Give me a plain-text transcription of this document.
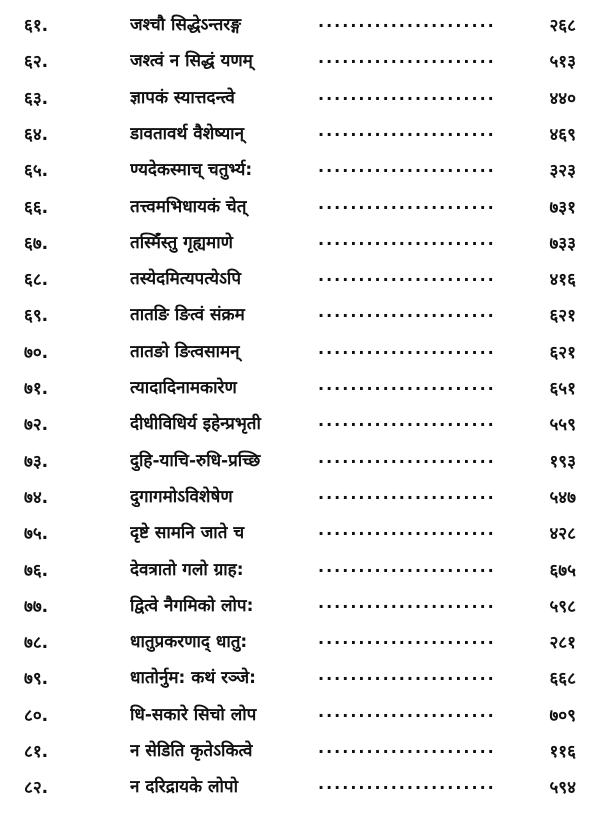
६१.	जश्चौ सिद्धेऽन्तरङ्ग	......................	२६८
६२.	जश्त्वं न सिद्धं यणम्	......................	५१३
६३.	ज्ञापकं स्यात्तदन्त्वे	......................	४४०
६४.	डावतावर्थ वैशेष्यान्	......................	४६९
६५.	ण्यदेकस्माच् चतुर्भ्य:	......................	३२३
६६.	तत्त्वमभिधायकं चेत्	......................	७३१
६७.	तस्मिँस्तु गृह्यमाणे	......................	७३३
६८.	तस्येदमित्यपत्येऽपि	......................	४१६
६९.	तातङि ङित्वं संक्रम	......................	६२१
७०.	तातङो ङित्वसामन्	......................	६२१
७१.	त्यादादिनामकारेण	......................	६५१
७२.	दीधीविधिर्य इहेन्प्रभृती	......................	५५९
७३.	दुहि-याचि-रुधि-प्रच्छि	......................	१९३
७४.	दुगागमोऽविशेषेण	......................	५४७
७५.	दृष्टे सामनि जाते च	......................	४२८
७६.	देवत्रातो गलो ग्राह:	......................	६७५
७७.	द्वित्वे नैगमिको लोप:	......................	५९८
७८.	धातुप्रकरणाद् धातु:	......................	२८१
७९.	धातोर्नुम: कथं रञ्जे:	......................	६६८
८०.	धि-सकारे सिचो लोप	......................	७०९
८१.	न सेडिति कृतेऽकित्वे	......................	११६
८२.	न दरिद्रायके लोपो	......................	५९४
